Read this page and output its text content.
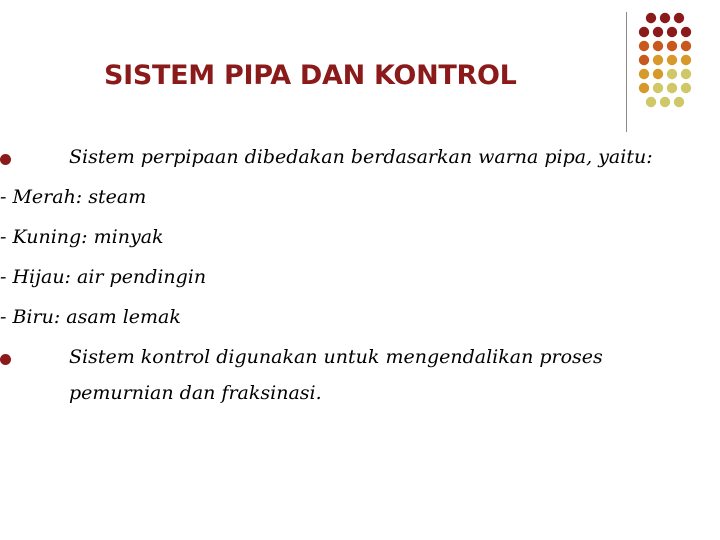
SISTEM PIPA DAN KONTROL
Sistem perpipaan dibedakan berdasarkan warna pipa, yaitu:
- Merah: steam
- Kuning: minyak
- Hijau: air pendingin
- Biru: asam lemak
Sistem kontrol digunakan untuk mengendalikan proses
pemurnian dan fraksinasi.
